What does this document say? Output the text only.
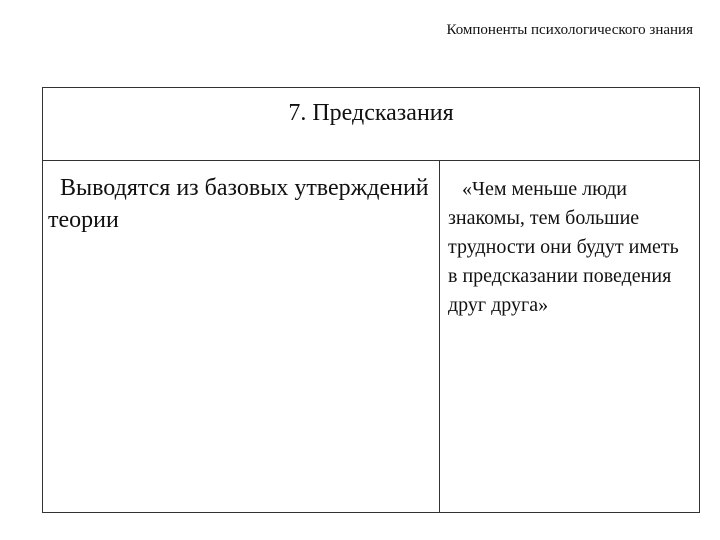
Компоненты психологического знания
7. Предсказания
Выводятся из базовых утверждений теории
«Чем меньше люди знакомы, тем большие трудности они будут иметь в предсказании поведения друг друга»
